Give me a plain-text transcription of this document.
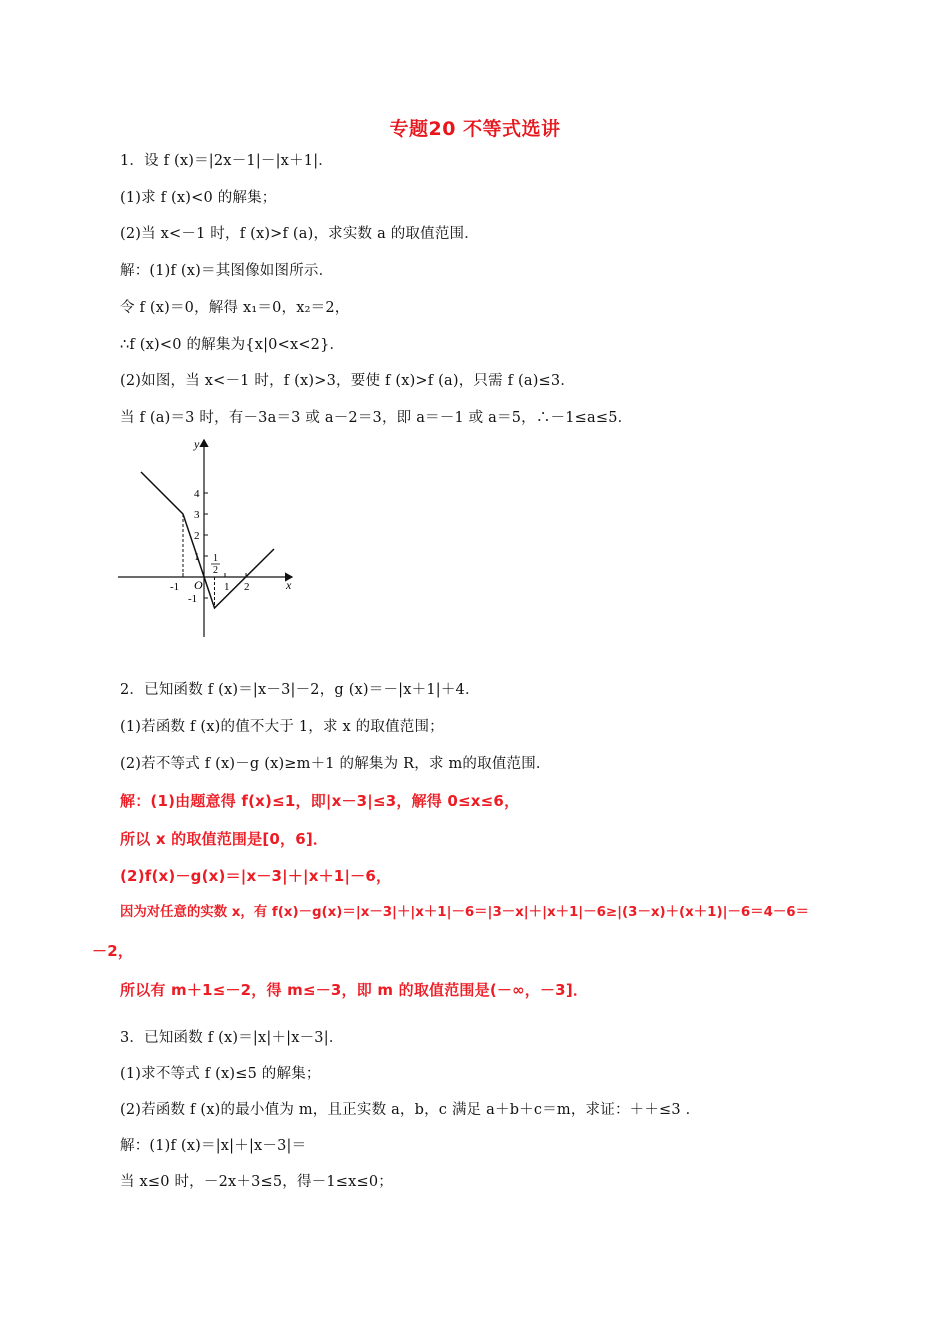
专题20 不等式选讲
1．设 f (x)＝|2x－1|－|x＋1|．
(1)求 f (x)<0 的解集；
(2)当 x<－1 时，f (x)>f (a)，求实数 a 的取值范围．
解：(1)f (x)＝其图像如图所示．
令 f (x)＝0，解得 x₁＝0，x₂＝2，
∴f (x)<0 的解集为{x|0<x<2}．
(2)如图，当 x<－1 时，f (x)>3，要使 f (x)>f (a)，只需 f (a)≤3．
当 f (a)＝3 时，有－3a＝3 或 a－2＝3，即 a＝－1 或 a＝5，∴－1≤a≤5．
y
x
O
4
3
2
1
-1
-1	1 2
1
2
2．已知函数 f (x)＝|x－3|－2，g (x)＝－|x＋1|＋4．
(1)若函数 f (x)的值不大于 1，求 x 的取值范围；
(2)若不等式 f (x)－g (x)≥m＋1 的解集为 R，求 m的取值范围．
解：(1)由题意得 f(x)≤1，即|x－3|≤3，解得 0≤x≤6，
所以 x 的取值范围是[0，6]．
(2)f(x)－g(x)＝|x－3|＋|x＋1|－6，
因为对任意的实数 x，有 f(x)－g(x)＝|x－3|＋|x＋1|－6＝|3－x|＋|x＋1|－6≥|(3－x)＋(x＋1)|－6＝4－6＝
－2，
所以有 m＋1≤－2，得 m≤－3，即 m 的取值范围是(－∞，－3]．
3．已知函数 f (x)＝|x|＋|x－3|．
(1)求不等式 f (x)≤5 的解集；
(2)若函数 f (x)的最小值为 m，且正实数 a，b，c 满足 a＋b＋c＝m，求证：＋＋≤3 ．
解：(1)f (x)＝|x|＋|x－3|＝
当 x≤0 时，－2x＋3≤5，得－1≤x≤0；
